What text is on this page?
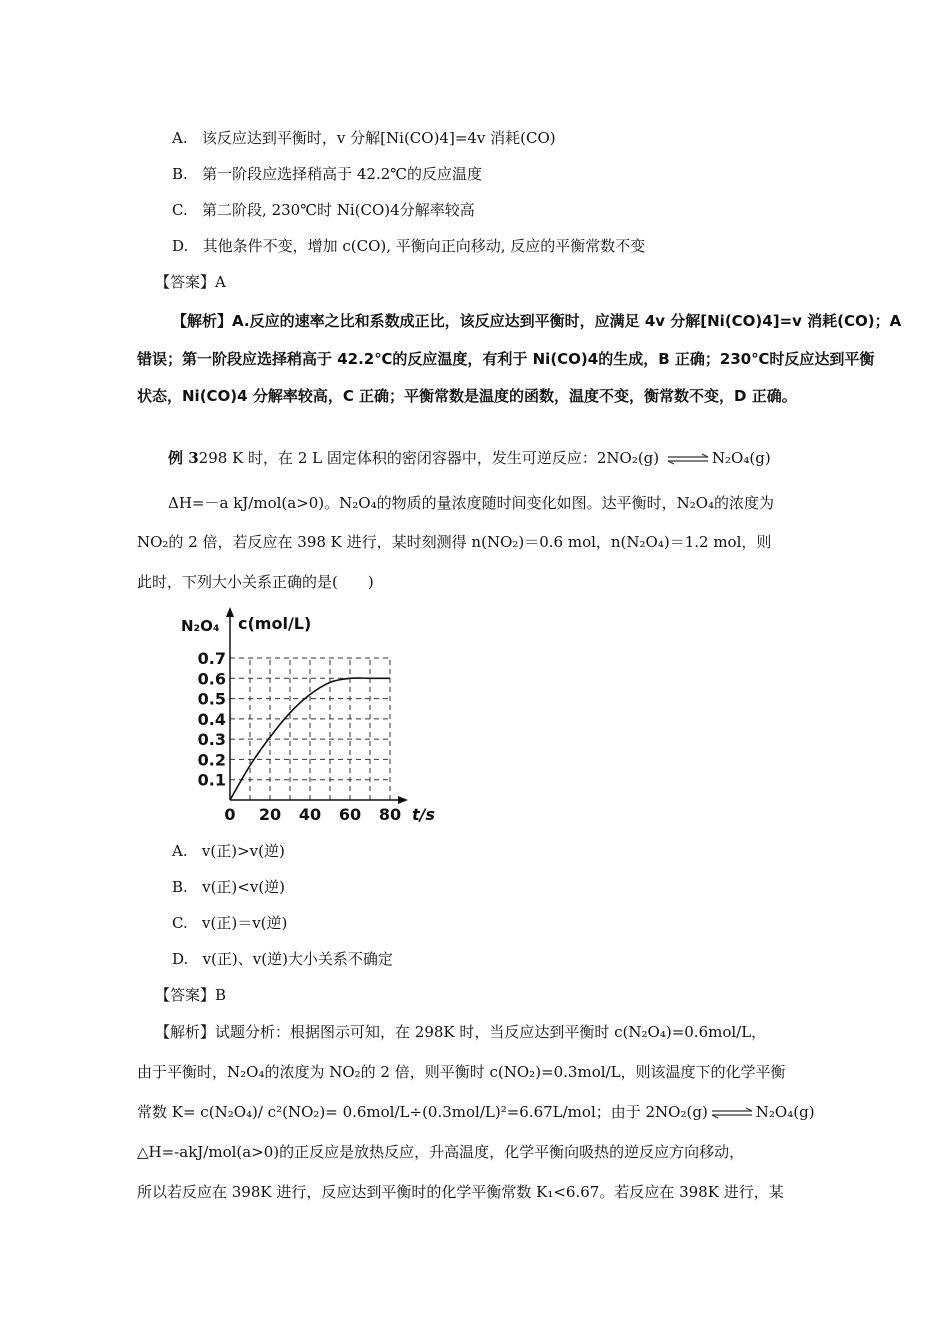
A. 该反应达到平衡时，v 分解[Ni(CO)4]=4v 消耗(CO)
B. 第一阶段应选择稍高于 42.2℃的反应温度
C. 第二阶段, 230℃时 Ni(CO)4分解率较高
D. 其他条件不变，增加 c(CO), 平衡向正向移动, 反应的平衡常数不变
【答案】A
【解析】A.反应的速率之比和系数成正比，该反应达到平衡时，应满足 4v 分解[Ni(CO)4]=v 消耗(CO)；A
错误；第一阶段应选择稍高于 42.2℃的反应温度，有利于 Ni(CO)4的生成，B 正确；230℃时反应达到平衡
状态，Ni(CO)4 分解率较高，C 正确；平衡常数是温度的函数，温度不变，衡常数不变，D 正确。
例 3298 K 时，在 2 L 固定体积的密闭容器中，发生可逆反应：2NO₂(g) ⇌ N₂O₄(g)
ΔH=－a kJ/mol(a>0)。N₂O₄的物质的量浓度随时间变化如图。达平衡时，N₂O₄的浓度为
NO₂的 2 倍，若反应在 398 K 进行，某时刻测得 n(NO₂)＝0.6 mol，n(N₂O₄)＝1.2 mol，则
此时，下列大小关系正确的是(　　)
0.1
0.2
0.3
0.4
0.5
0.6
0.7
0 20 40 60 80
N₂O₄ c(mol/L)
t/s
A. v(正)>v(逆)
B. v(正)<v(逆)
C. v(正)＝v(逆)
D. v(正)、v(逆)大小关系不确定
【答案】B
【解析】试题分析：根据图示可知，在 298K 时，当反应达到平衡时 c(N₂O₄)=0.6mol/L，
由于平衡时，N₂O₄的浓度为 NO₂的 2 倍，则平衡时 c(NO₂)=0.3mol/L，则该温度下的化学平衡
常数 K= c(N₂O₄)/ c²(NO₂)= 0.6mol/L÷(0.3mol/L)²=6.67L/mol；由于 2NO₂(g) ⇌ N₂O₄(g)
△H=-akJ/mol(a>0)的正反应是放热反应，升高温度，化学平衡向吸热的逆反应方向移动，
所以若反应在 398K 进行，反应达到平衡时的化学平衡常数 K₁<6.67。若反应在 398K 进行，某
